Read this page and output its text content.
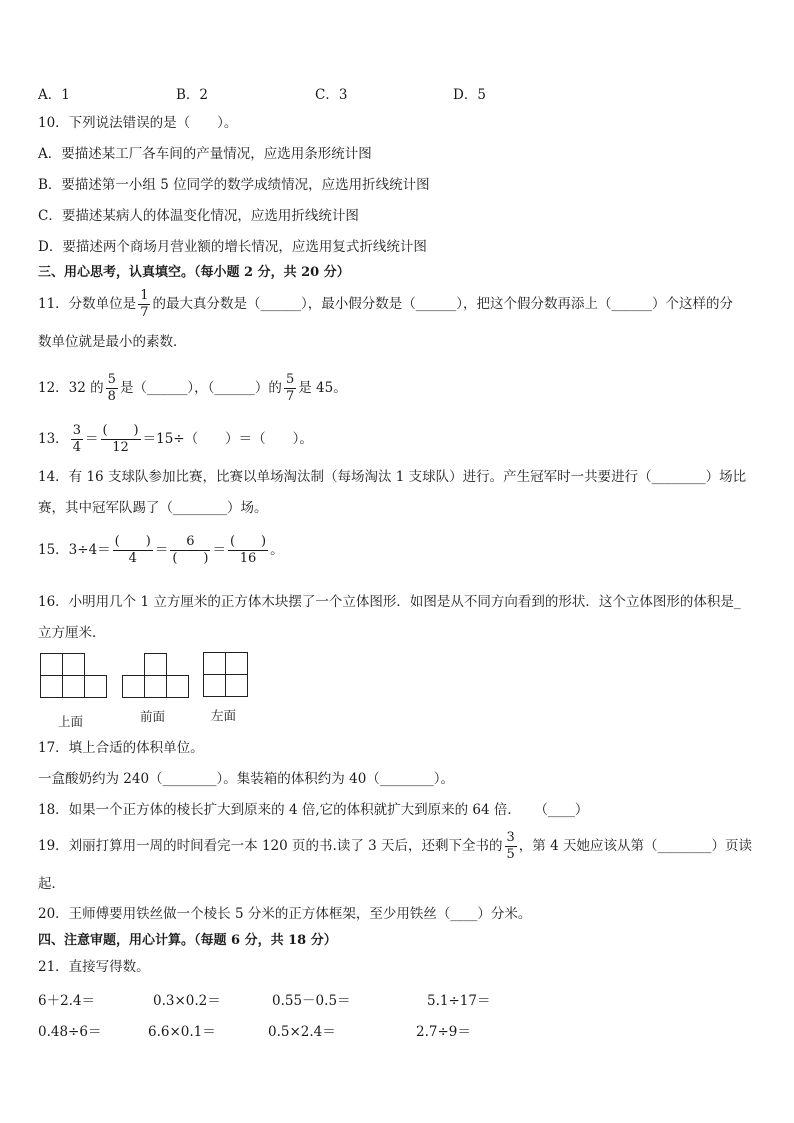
A．1	B．2	C．3	D．5
10．下列说法错误的是（　　）。
A．要描述某工厂各车间的产量情况，应选用条形统计图
B．要描述第一小组 5 位同学的数学成绩情况，应选用折线统计图
C．要描述某病人的体温变化情况，应选用折线统计图
D．要描述两个商场月营业额的增长情况，应选用复式折线统计图
三、用心思考，认真填空。（每小题 2 分，共 20 分）
11．分数单位是 $\frac{1}{7}$ 的最大真分数是（______），最小假分数是（______），把这个假分数再添上（______）个这样的分
数单位就是最小的素数．
12．32 的 $\frac{5}{8}$ 是（______），（______）的 $\frac{5}{7}$ 是 45。
13． $\frac{3}{4} = \frac{( )}{12} =15\div$（　　）＝（　　）。
14．有 16 支球队参加比赛，比赛以单场淘汰制（每场淘汰 1 支球队）进行。产生冠军时一共要进行（________）场比
赛，其中冠军队踢了（________）场。
15．$3\div 4= \frac{( )}{4} = \frac{6}{( )} = \frac{( )}{16}$ 。
16．小明用几个 1 立方厘米的正方体木块摆了一个立体图形．如图是从不同方向看到的形状．这个立体图形的体积是_
立方厘米．
上面	前面	左面
17．填上合适的体积单位。
一盒酸奶约为 240（________）。集装箱的体积约为 40（________）。
18．如果一个正方体的棱长扩大到原来的 4 倍,它的体积就扩大到原来的 64 倍．　　（____）
19．刘丽打算用一周的时间看完一本 120 页的书.读了 3 天后，还剩下全书的 $\frac{3}{5}$ ，第 4 天她应该从第（________）页读
起．
20．王师傅要用铁丝做一个棱长 5 分米的正方体框架，至少用铁丝（____）分米。
四、注意审题，用心计算。（每题 6 分，共 18 分）
21．直接写得数。
6＋2.4＝	0.3×0.2＝	0.55－0.5＝	5.1÷17＝
0.48÷6＝	6.6×0.1＝	0.5×2.4＝	2.7÷9＝
